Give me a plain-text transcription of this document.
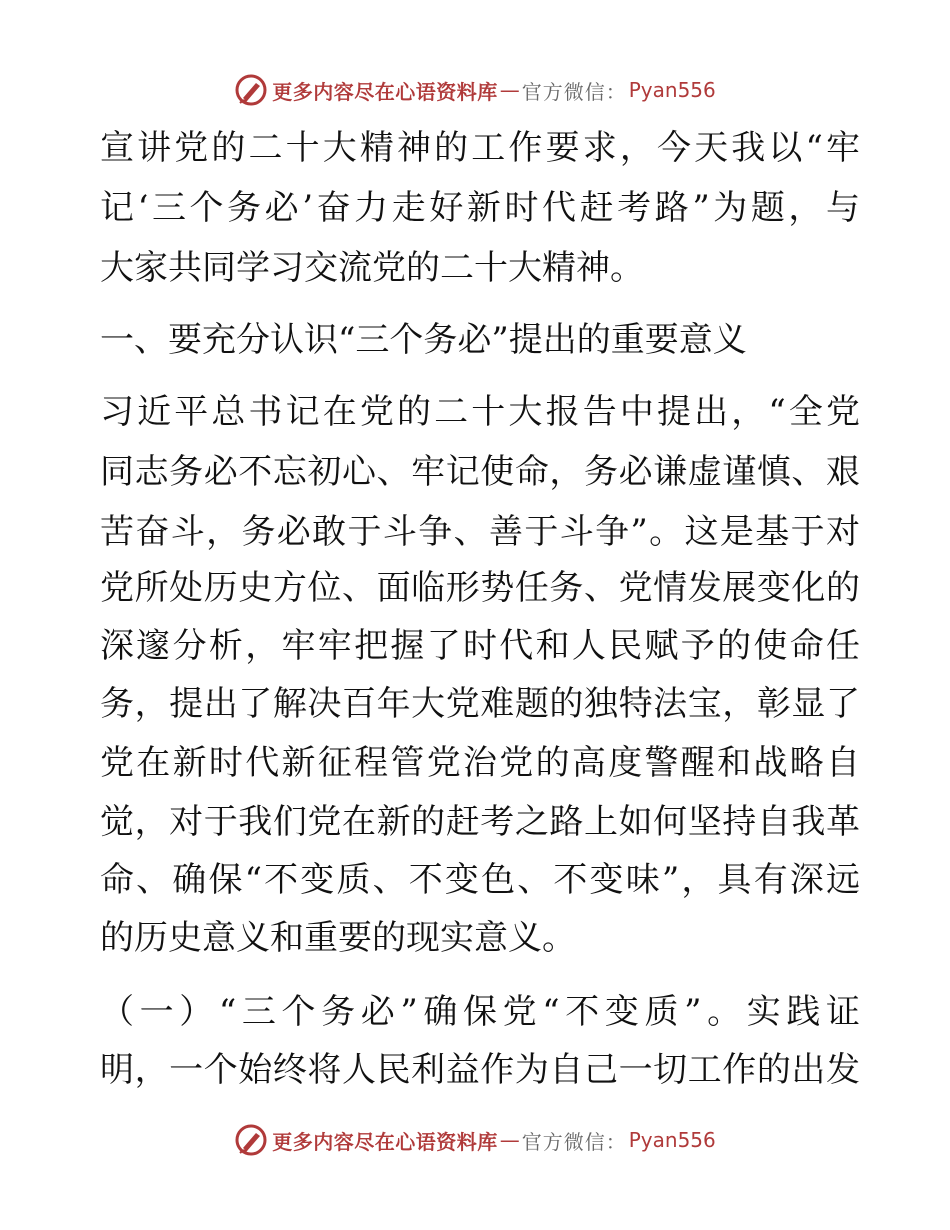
更多内容尽在心语资料库 — 官方微信： Pyan556
宣讲党的二十大精神的工作要求，今天我以“牢
记‘三个务必’奋力走好新时代赶考路”为题，与
大家共同学习交流党的二十大精神。
一、要充分认识“三个务必”提出的重要意义
习近平总书记在党的二十大报告中提出，“全党
同志务必不忘初心、牢记使命，务必谦虚谨慎、艰
苦奋斗，务必敢于斗争、善于斗争”。这是基于对
党所处历史方位、面临形势任务、党情发展变化的
深邃分析，牢牢把握了时代和人民赋予的使命任
务，提出了解决百年大党难题的独特法宝，彰显了
党在新时代新征程管党治党的高度警醒和战略自
觉，对于我们党在新的赶考之路上如何坚持自我革
命、确保“不变质、不变色、不变味”，具有深远
的历史意义和重要的现实意义。
（一）“三个务必”确保党“不变质”。实践证
明，一个始终将人民利益作为自己一切工作的出发
更多内容尽在心语资料库 — 官方微信： Pyan556
